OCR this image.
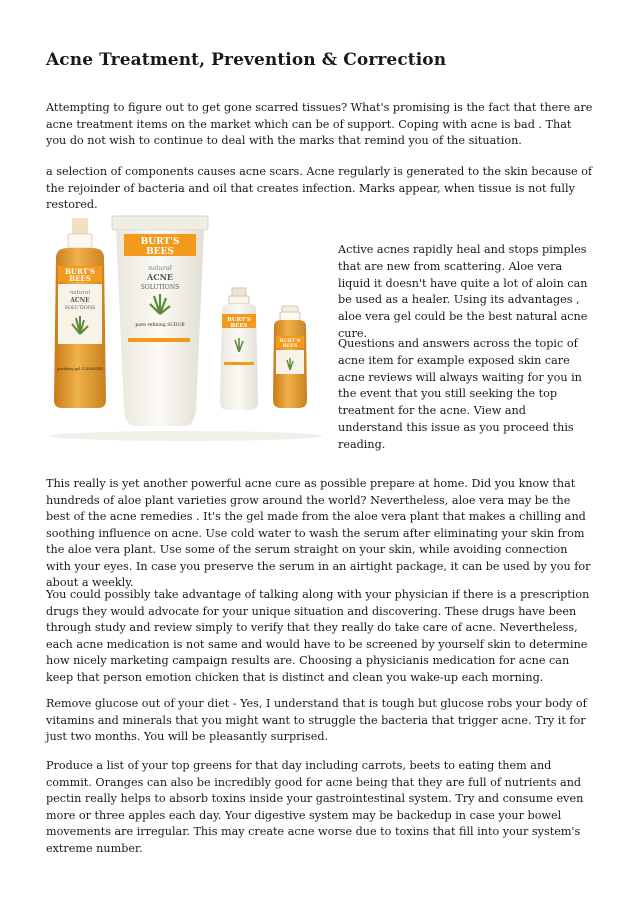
Acne Treatment, Prevention & Correction

Attempting to figure out to get gone scarred tissues? What's promising is the fact that there are acne treatment items on the market which can be of support. Coping with acne is bad . That you do not wish to continue to deal with the marks that remind you of the situation.

a selection of components causes acne scars. Acne regularly is generated to the skin because of the rejoinder of bacteria and oil that creates infection. Marks appear, when tissue is not fully restored.

BURT'S
BEES
natural
ACNE
SOLUTIONS
purifying gel CLEANSER
BURT'S
BEES
natural
ACNE
SOLUTIONS
pore refining SCRUB
BURT'S
BEES
BURT'S
BEES

Active acnes rapidly heal and stops pimples that are new from scattering. Aloe vera liquid it doesn't have quite a lot of aloin can be used as a healer. Using its advantages , aloe vera gel could be the best natural acne cure.

Questions and answers across the topic of acne item for example exposed skin care acne reviews will always waiting for you in the event that you still seeking the top treatment for the acne. View and understand this issue as you proceed this reading.

This really is yet another powerful acne cure as possible prepare at home. Did you know that hundreds of aloe plant varieties grow around the world? Nevertheless, aloe vera may be the best of the acne remedies . It's the gel made from the aloe vera plant that makes a chilling and soothing influence on acne. Use cold water to wash the serum after eliminating your skin from the aloe vera plant. Use some of the serum straight on your skin, while avoiding connection with your eyes. In case you preserve the serum in an airtight package, it can be used by you for about a weekly.

You could possibly take advantage of talking along with your physician if there is a prescription drugs they would advocate for your unique situation and discovering. These drugs have been through study and review simply to verify that they really do take care of acne. Nevertheless, each acne medication is not same and would have to be screened by yourself skin to determine how nicely marketing campaign results are. Choosing a physicianis medication for acne can keep that person emotion chicken that is distinct and clean you wake-up each morning.

Remove glucose out of your diet - Yes, I understand that is tough but glucose robs your body of vitamins and minerals that you might want to struggle the bacteria that trigger acne. Try it for just two months. You will be pleasantly surprised.

Produce a list of your top greens for that day including carrots, beets to eating them and commit. Oranges can also be incredibly good for acne being that they are full of nutrients and pectin really helps to absorb toxins inside your gastrointestinal system. Try and consume even more or three apples each day. Your digestive system may be backedup in case your bowel movements are irregular. This may create acne worse due to toxins that fill into your system's extreme number.
